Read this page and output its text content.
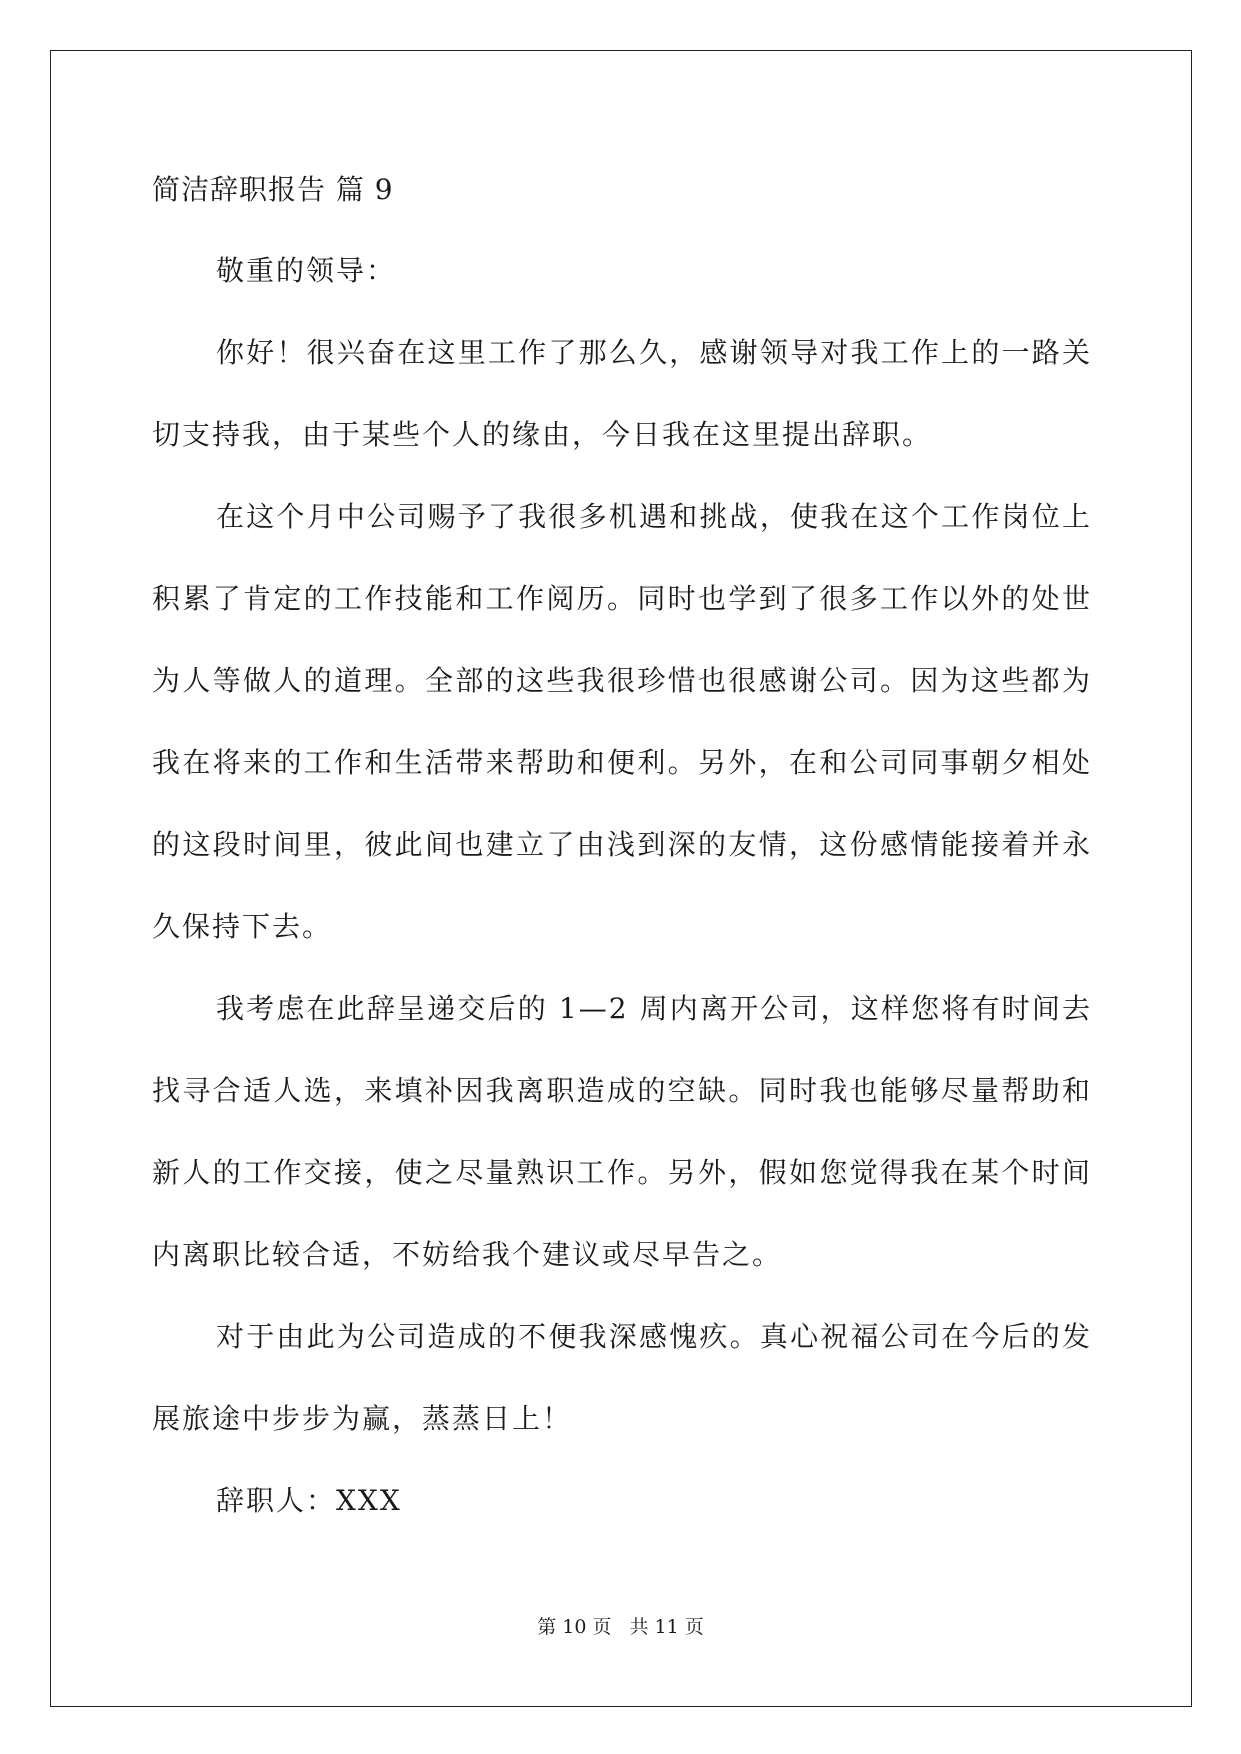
简洁辞职报告 篇 9

敬重的领导：

你好！很兴奋在这里工作了那么久，感谢领导对我工作上的一路关切支持我，由于某些个人的缘由，今日我在这里提出辞职。

在这个月中公司赐予了我很多机遇和挑战，使我在这个工作岗位上积累了肯定的工作技能和工作阅历。同时也学到了很多工作以外的处世为人等做人的道理。全部的这些我很珍惜也很感谢公司。因为这些都为我在将来的工作和生活带来帮助和便利。另外，在和公司同事朝夕相处的这段时间里，彼此间也建立了由浅到深的友情，这份感情能接着并永久保持下去。

我考虑在此辞呈递交后的 1—2 周内离开公司，这样您将有时间去找寻合适人选，来填补因我离职造成的空缺。同时我也能够尽量帮助和新人的工作交接，使之尽量熟识工作。另外，假如您觉得我在某个时间内离职比较合适，不妨给我个建议或尽早告之。

对于由此为公司造成的不便我深感愧疚。真心祝福公司在今后的发展旅途中步步为赢，蒸蒸日上！

辞职人：XXX

第 10 页 共 11 页
